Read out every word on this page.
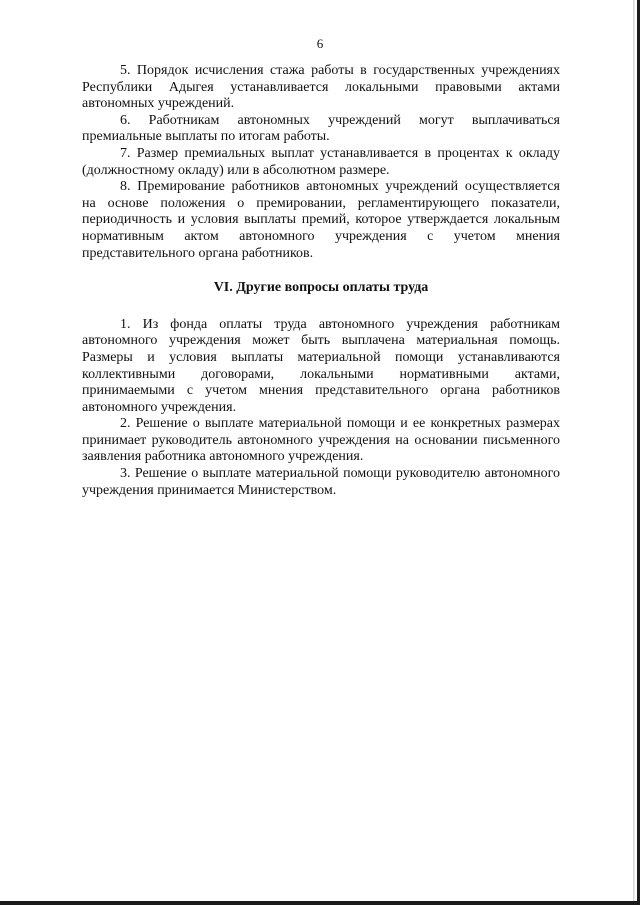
6

5. Порядок исчисления стажа работы в государственных учреждениях Республики Адыгея устанавливается локальными правовыми актами автономных учреждений.

6. Работникам автономных учреждений могут выплачиваться премиальные выплаты по итогам работы.

7. Размер премиальных выплат устанавливается в процентах к окладу (должностному окладу) или в абсолютном размере.

8. Премирование работников автономных учреждений осуществляется на основе положения о премировании, регламентирующего показатели, периодичность и условия выплаты премий, которое утверждается локальным нормативным актом автономного учреждения с учетом мнения представительного органа работников.

VI. Другие вопросы оплаты труда

1. Из фонда оплаты труда автономного учреждения работникам автономного учреждения может быть выплачена материальная помощь. Размеры и условия выплаты материальной помощи устанавливаются коллективными договорами, локальными нормативными актами, принимаемыми с учетом мнения представительного органа работников автономного учреждения.

2. Решение о выплате материальной помощи и ее конкретных размерах принимает руководитель автономного учреждения на основании письменного заявления работника автономного учреждения.

3. Решение о выплате материальной помощи руководителю автономного учреждения принимается Министерством.
